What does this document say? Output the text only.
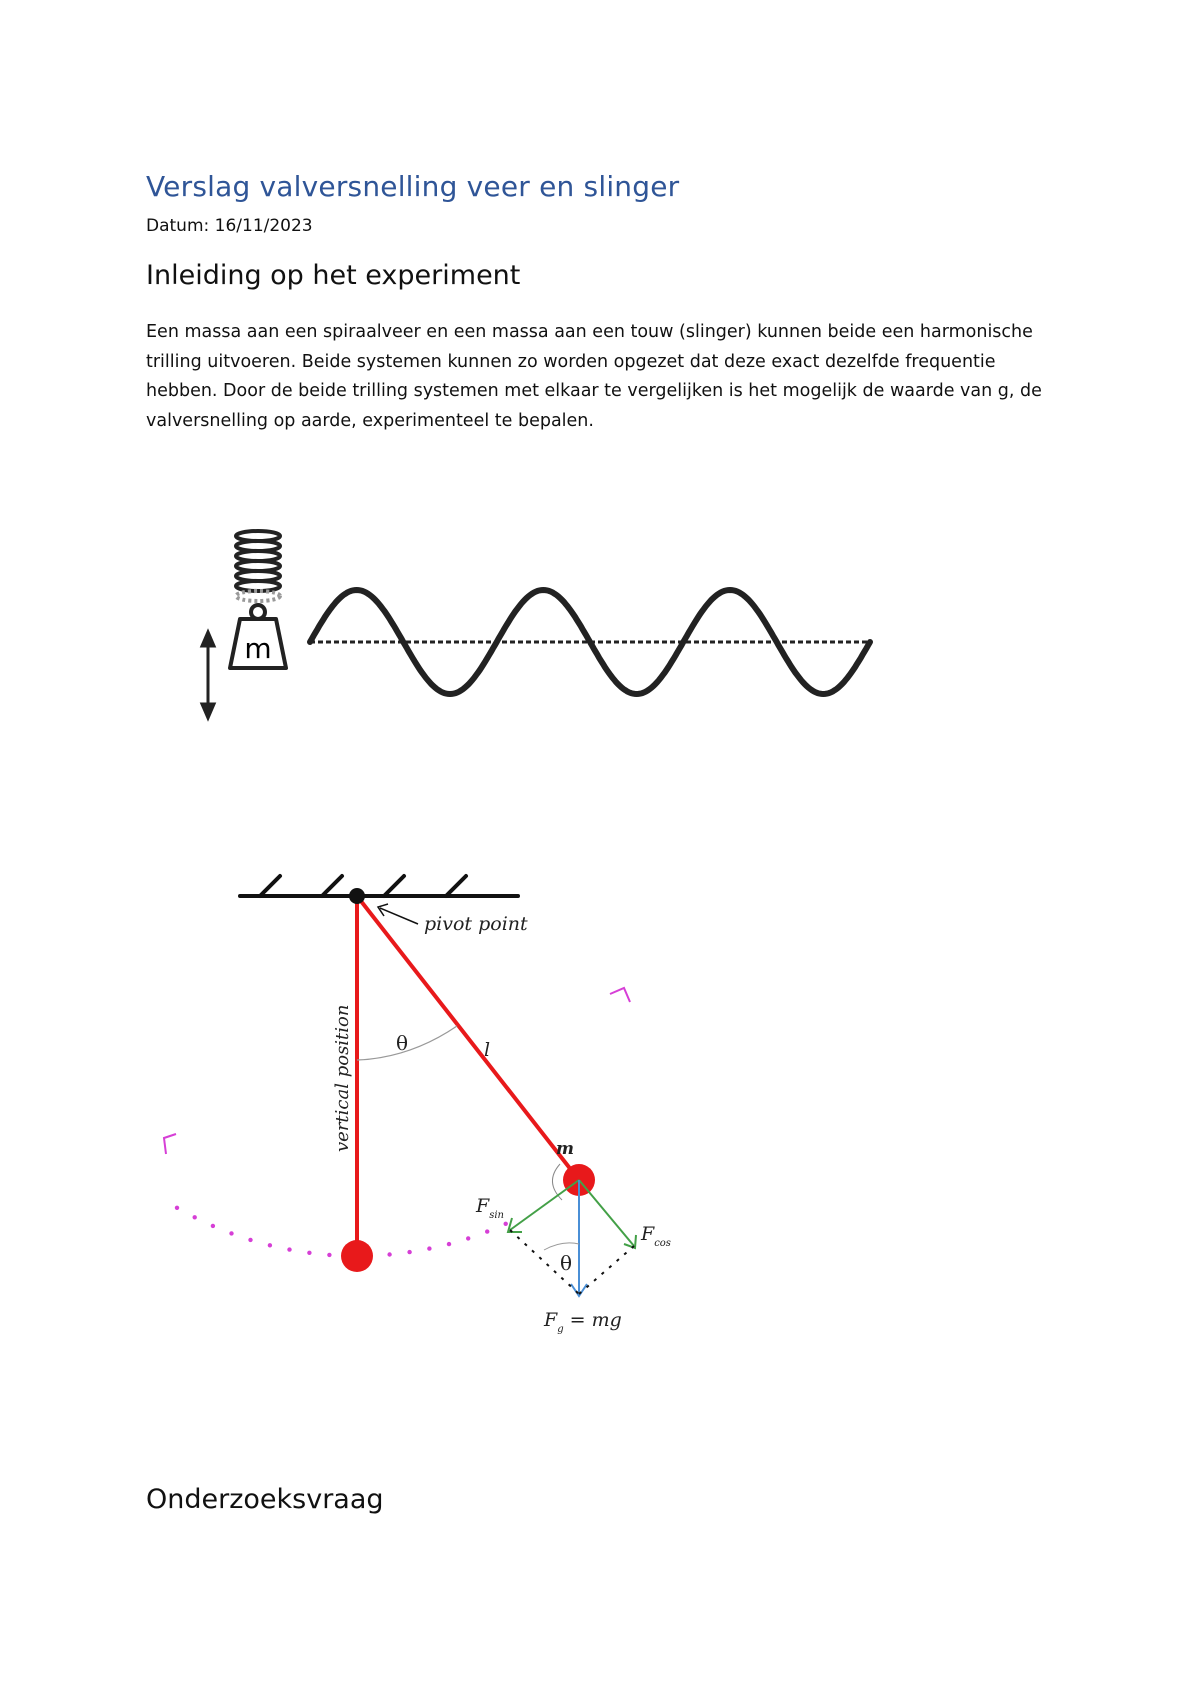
Verslag valversnelling veer en slinger

Datum: 16/11/2023

Inleiding op het experiment

Een massa aan een spiraalveer en een massa aan een touw (slinger) kunnen beide een harmonische trilling uitvoeren. Beide systemen kunnen zo worden opgezet dat deze exact dezelfde frequentie hebben. Door de beide trilling systemen met elkaar te vergelijken is het mogelijk de waarde van g, de valversnelling op aarde, experimenteel te bepalen.

m
pivot point
vertical position θ	l
m
θ
$F_{sin}$
$F_{cos}$
$F_g$ = mg
Onderzoeksvraag
